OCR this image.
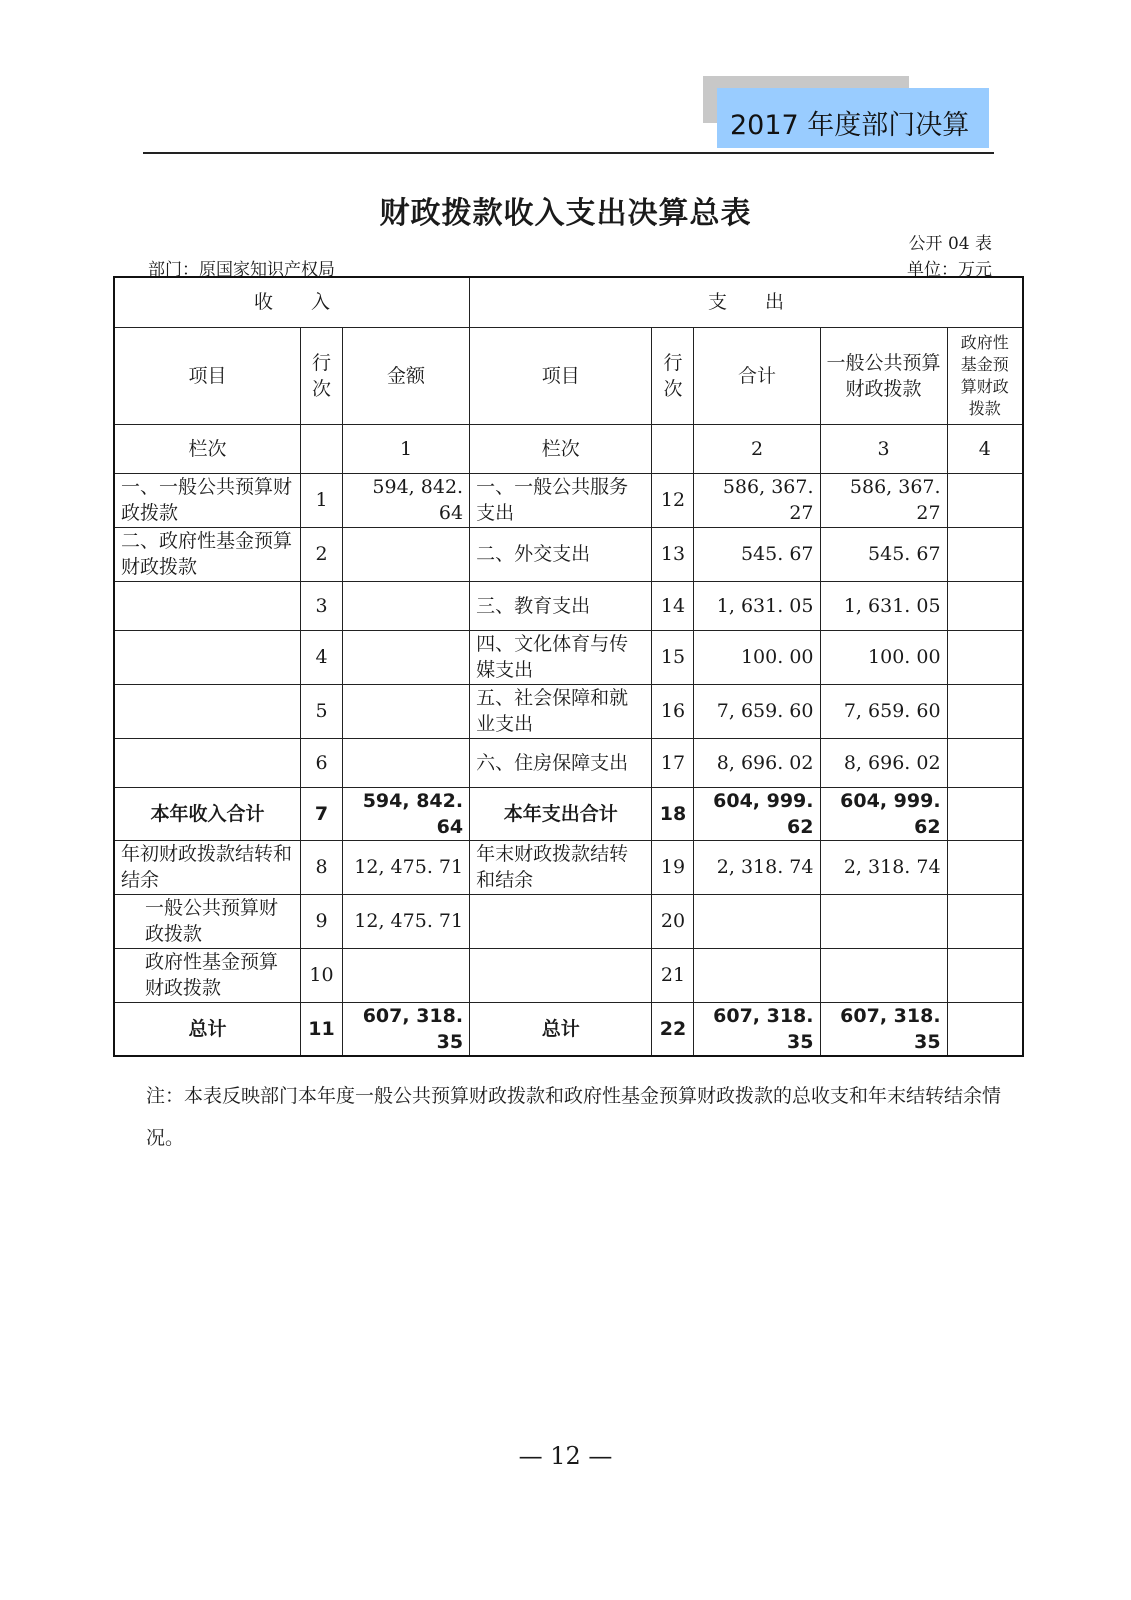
2017 年度部门决算
财政拨款收入支出决算总表
公开 04 表
单位：万元
部门：原国家知识产权局
收　　入			支　　出				
项目	行次	金额	项目	行次	合计	一般公共预算财政拨款	政府性基金预算财政拨款
栏次		1	栏次		2	3	4
一、一般公共预算财政拨款	1	594, 842. 64	一、一般公共服务支出	12	586, 367. 27	586, 367. 27	
二、政府性基金预算财政拨款	2		二、外交支出	13	545. 67	545. 67	
	3		三、教育支出	14	1, 631. 05	1, 631. 05	
	4		四、文化体育与传媒支出	15	100. 00	100. 00	
	5		五、社会保障和就业支出	16	7, 659. 60	7, 659. 60	
	6		六、住房保障支出	17	8, 696. 02	8, 696. 02	
本年收入合计	7	594, 842. 64	本年支出合计	18	604, 999. 62	604, 999. 62	
年初财政拨款结转和结余	8	12, 475. 71	年末财政拨款结转和结余	19	2, 318. 74	2, 318. 74	
一般公共预算财政拨款	9	12, 475. 71		20			
政府性基金预算财政拨款	10			21			
总计	11	607, 318. 35	总计	22	607, 318. 35	607, 318. 35	
注：本表反映部门本年度一般公共预算财政拨款和政府性基金预算财政拨款的总收支和年末结转结余情况。
— 12 —
